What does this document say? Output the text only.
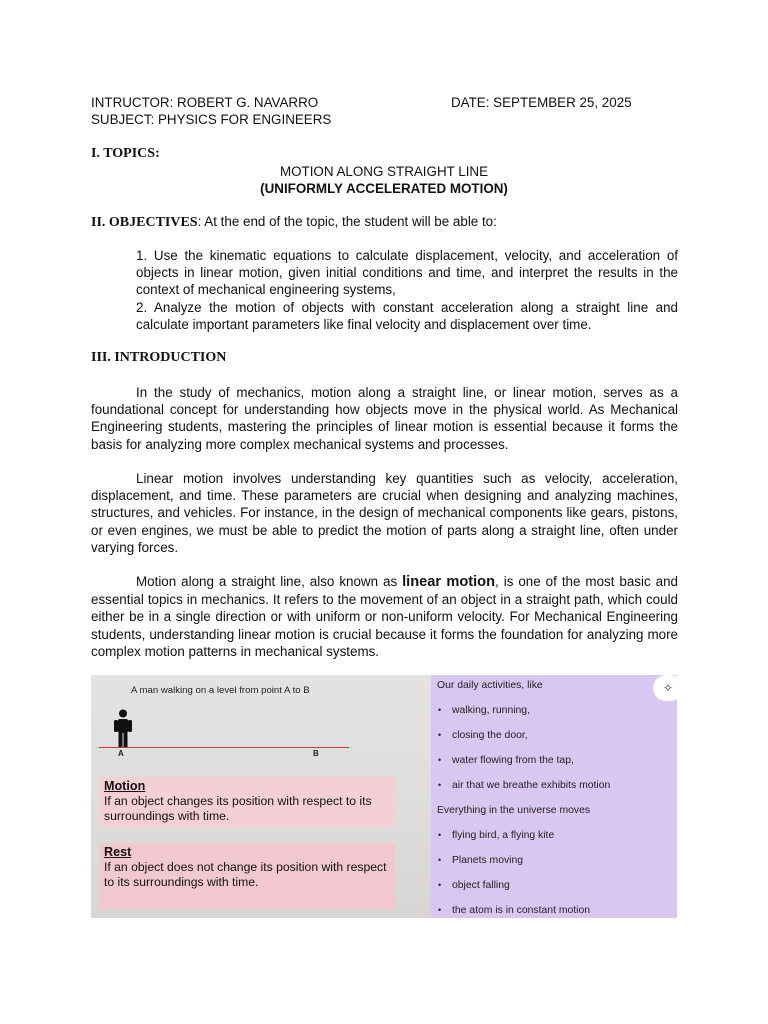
INTRUCTOR: ROBERT G. NAVARRO	DATE: SEPTEMBER 25, 2025
SUBJECT: PHYSICS FOR ENGINEERS
I. TOPICS:
MOTION ALONG STRAIGHT LINE
(UNIFORMLY ACCELERATED MOTION)
II. OBJECTIVES: At the end of the topic, the student will be able to:
1. Use the kinematic equations to calculate displacement, velocity, and acceleration of objects in linear motion, given initial conditions and time, and interpret the results in the context of mechanical engineering systems,
2. Analyze the motion of objects with constant acceleration along a straight line and calculate important parameters like final velocity and displacement over time.
III. INTRODUCTION
In the study of mechanics, motion along a straight line, or linear motion, serves as a foundational concept for understanding how objects move in the physical world. As Mechanical Engineering students, mastering the principles of linear motion is essential because it forms the basis for analyzing more complex mechanical systems and processes.
Linear motion involves understanding key quantities such as velocity, acceleration, displacement, and time. These parameters are crucial when designing and analyzing machines, structures, and vehicles. For instance, in the design of mechanical components like gears, pistons, or even engines, we must be able to predict the motion of parts along a straight line, often under varying forces.
Motion along a straight line, also known as linear motion, is one of the most basic and essential topics in mechanics. It refers to the movement of an object in a straight path, which could either be in a single direction or with uniform or non-uniform velocity. For Mechanical Engineering students, understanding linear motion is crucial because it forms the foundation for analyzing more complex motion patterns in mechanical systems.
A man walking on a level from point A to B
A	B
Motion
If an object changes its position with respect to its surroundings with time.
Rest
If an object does not change its position with respect to its surroundings with time.
✧
Our daily activities, like
• walking, running,
• closing the door,
• water flowing from the tap,
• air that we breathe exhibits motion
Everything in the universe moves
• flying bird, a flying kite
• Planets moving
• object falling
• the atom is in constant motion
